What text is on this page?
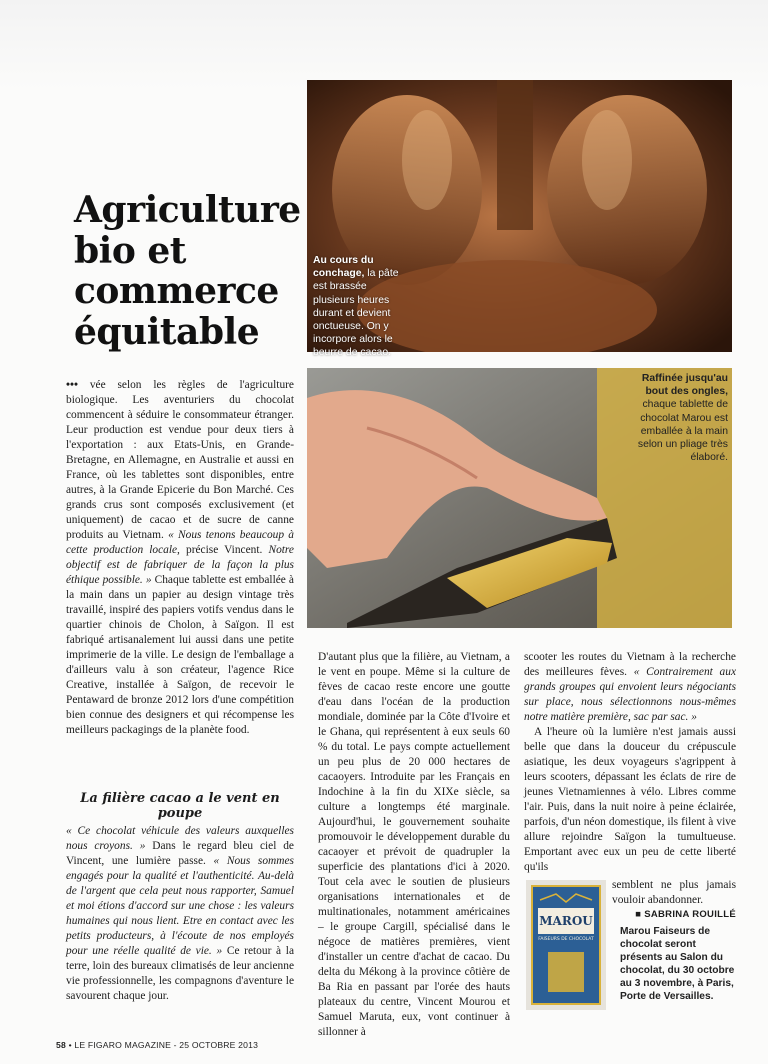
Au cours du conchage, la pâte est brassée plusieurs heures durant et devient onctueuse. On y incorpore alors le beurre de cacao.
Raffinée jusqu'au bout des ongles, chaque tablette de chocolat Marou est emballée à la main selon un pliage très élaboré.
Agriculture
bio et
commerce
équitable

••• vée selon les règles de l'agriculture biologique. Les aventuriers du chocolat commencent à séduire le consommateur étranger. Leur production est vendue pour deux tiers à l'exportation : aux Etats-Unis, en Grande-Bretagne, en Allemagne, en Australie et aussi en France, où les tablettes sont disponibles, entre autres, à la Grande Epicerie du Bon Marché. Ces grands crus sont composés exclusivement (et uniquement) de cacao et de sucre de canne produits au Vietnam. « Nous tenons beaucoup à cette production locale, précise Vincent. Notre objectif est de fabriquer de la façon la plus éthique possible. » Chaque tablette est emballée à la main dans un papier au design vintage très travaillé, inspiré des papiers votifs vendus dans le quartier chinois de Cholon, à Saïgon. Il est fabriqué artisanalement lui aussi dans une petite imprimerie de la ville. Le design de l'emballage a d'ailleurs valu à son créateur, l'agence Rice Creative, installée à Saïgon, de recevoir le Pentaward de bronze 2012 lors d'une compétition bien connue des designers et qui récompense les meilleurs packagings de la planète food.

La filière cacao a le vent en poupe

« Ce chocolat véhicule des valeurs auxquelles nous croyons. » Dans le regard bleu ciel de Vincent, une lumière passe. « Nous sommes engagés pour la qualité et l'authenticité. Au-delà de l'argent que cela peut nous rapporter, Samuel et moi étions d'accord sur une chose : les valeurs humaines qui nous lient. Etre en contact avec les petits producteurs, à l'écoute de nos employés pour une réelle qualité de vie. » Ce retour à la terre, loin des bureaux climatisés de leur ancienne vie professionnelle, les compagnons d'aventure le savourent chaque jour.

D'autant plus que la filière, au Vietnam, a le vent en poupe. Même si la culture de fèves de cacao reste encore une goutte d'eau dans l'océan de la production mondiale, dominée par la Côte d'Ivoire et le Ghana, qui représentent à eux seuls 60 % du total. Le pays compte actuellement un peu plus de 20 000 hectares de cacaoyers. Introduite par les Français en Indochine à la fin du XIXe siècle, sa culture a longtemps été marginale. Aujourd'hui, le gouvernement souhaite promouvoir le développement durable du cacaoyer et prévoit de quadrupler la superficie des plantations d'ici à 2020. Tout cela avec le soutien de plusieurs organisations internationales et de multinationales, notamment américaines – le groupe Cargill, spécialisé dans le négoce de matières premières, vient d'installer un centre d'achat de cacao. Du delta du Mékong à la province côtière de Ba Ria en passant par l'orée des hauts plateaux du centre, Vincent Mourou et Samuel Maruta, eux, vont continuer à sillonner à

scooter les routes du Vietnam à la recherche des meilleures fèves. « Contrairement aux grands groupes qui envoient leurs négociants sur place, nous sélectionnons nous-mêmes notre matière première, sac par sac. »

A l'heure où la lumière n'est jamais aussi belle que dans la douceur du crépuscule asiatique, les deux voyageurs s'agrippent à leurs scooters, dépassant les éclats de rire de jeunes Vietnamiennes à vélo. Libres comme l'air. Puis, dans la nuit noire à peine éclairée, parfois, d'un néon domestique, ils filent à vive allure rejoindre Saïgon la tumultueuse. Emportant avec eux un peu de cette liberté qu'ils

MAROU
FAISEURS DE CHOCOLAT
semblent ne plus jamais vouloir abandonner.
■ SABRINA ROUILLÉ
Marou Faiseurs de chocolat seront présents au Salon du chocolat, du 30 octobre au 3 novembre, à Paris, Porte de Versailles.
58 • LE FIGARO MAGAZINE - 25 OCTOBRE 2013
